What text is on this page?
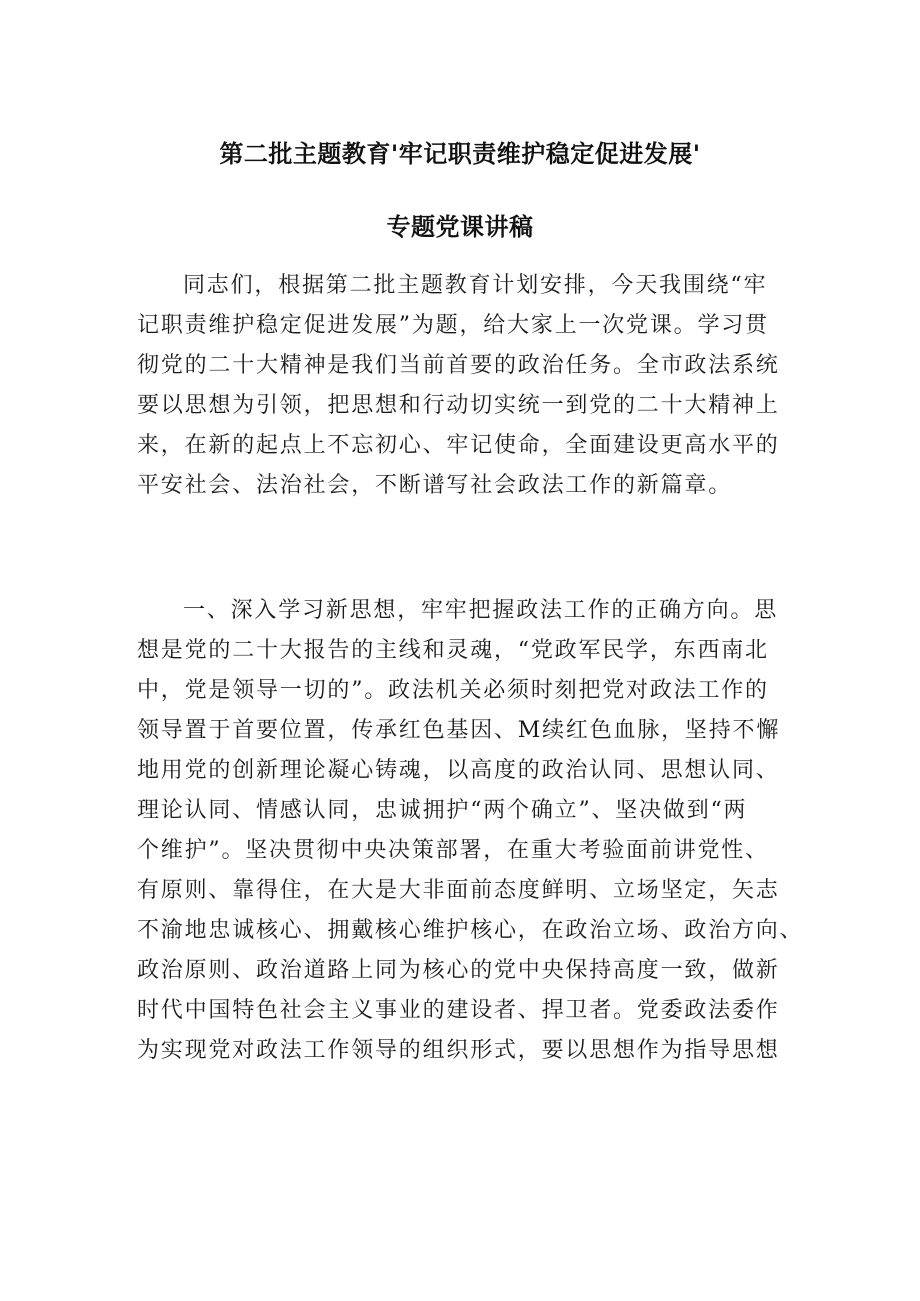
第二批主题教育'牢记职责维护稳定促进发展'
专题党课讲稿
同志们，根据第二批主题教育计划安排，今天我围绕“牢
记职责维护稳定促进发展”为题，给大家上一次党课。学习贯
彻党的二十大精神是我们当前首要的政治任务。全市政法系统
要以思想为引领，把思想和行动切实统一到党的二十大精神上
来，在新的起点上不忘初心、牢记使命，全面建设更高水平的
平安社会、法治社会，不断谱写社会政法工作的新篇章。
一、深入学习新思想，牢牢把握政法工作的正确方向。思
想是党的二十大报告的主线和灵魂，“党政军民学，东西南北
中，党是领导一切的”。政法机关必须时刻把党对政法工作的
领导置于首要位置，传承红色基因、M续红色血脉，坚持不懈
地用党的创新理论凝心铸魂，以高度的政治认同、思想认同、
理论认同、情感认同，忠诚拥护“两个确立”、坚决做到“两
个维护”。坚决贯彻中央决策部署，在重大考验面前讲党性、
有原则、靠得住，在大是大非面前态度鲜明、立场坚定，矢志
不渝地忠诚核心、拥戴核心维护核心，在政治立场、政治方向、
政治原则、政治道路上同为核心的党中央保持高度一致，做新
时代中国特色社会主义事业的建设者、捍卫者。党委政法委作
为实现党对政法工作领导的组织形式，要以思想作为指导思想
